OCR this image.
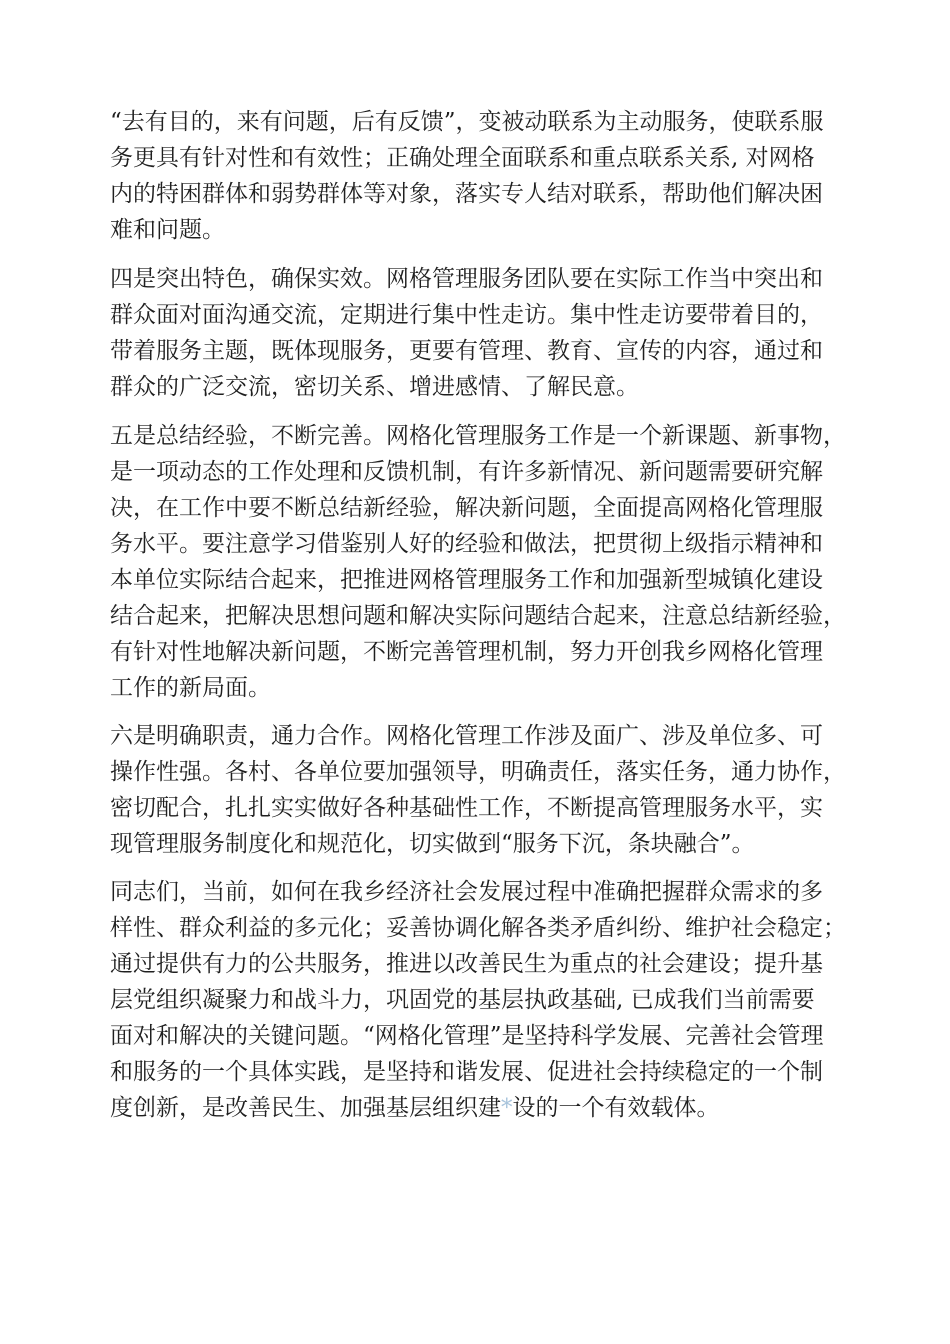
“去有目的，来有问题，后有反馈”，变被动联系为主动服务，使联系服
务更具有针对性和有效性；正确处理全面联系和重点联系关系, 对网格
内的特困群体和弱势群体等对象，落实专人结对联系，帮助他们解决困
难和问题。
四是突出特色，确保实效。网格管理服务团队要在实际工作当中突出和
群众面对面沟通交流，定期进行集中性走访。集中性走访要带着目的，
带着服务主题，既体现服务，更要有管理、教育、宣传的内容，通过和
群众的广泛交流，密切关系、增进感情、了解民意。
五是总结经验，不断完善。网格化管理服务工作是一个新课题、新事物，
是一项动态的工作处理和反馈机制，有许多新情况、新问题需要研究解
决，在工作中要不断总结新经验，解决新问题，全面提高网格化管理服
务水平。要注意学习借鉴别人好的经验和做法，把贯彻上级指示精神和
本单位实际结合起来，把推进网格管理服务工作和加强新型城镇化建设
结合起来，把解决思想问题和解决实际问题结合起来，注意总结新经验，
有针对性地解决新问题，不断完善管理机制，努力开创我乡网格化管理
工作的新局面。
六是明确职责，通力合作。网格化管理工作涉及面广、涉及单位多、可
操作性强。各村、各单位要加强领导，明确责任，落实任务，通力协作，
密切配合，扎扎实实做好各种基础性工作，不断提高管理服务水平，实
现管理服务制度化和规范化，切实做到“服务下沉，条块融合”。
同志们，当前，如何在我乡经济社会发展过程中准确把握群众需求的多
样性、群众利益的多元化；妥善协调化解各类矛盾纠纷、维护社会稳定；
通过提供有力的公共服务，推进以改善民生为重点的社会建设；提升基
层党组织凝聚力和战斗力，巩固党的基层执政基础, 已成我们当前需要
面对和解决的关键问题。“网格化管理”是坚持科学发展、完善社会管理
和服务的一个具体实践，是坚持和谐发展、促进社会持续稳定的一个制
度创新，是改善民生、加强基层组织建*设的一个有效载体。
